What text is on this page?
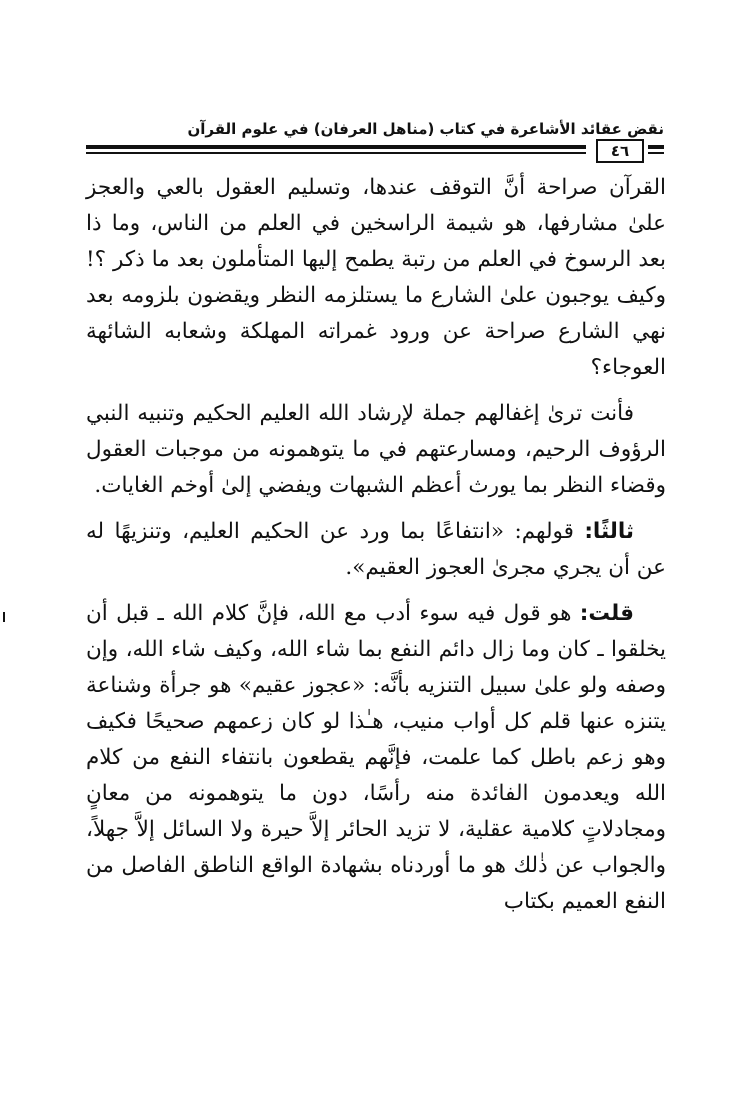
نقض عقائد الأشاعرة في كتاب (مناهل العرفان) في علوم القرآن
٤٦

القرآن صراحة أنَّ التوقف عندها، وتسليم العقول بالعي والعجز علىٰ مشارفها، هو شيمة الراسخين في العلم من الناس، وما ذا بعد الرسوخ في العلم من رتبة يطمح إليها المتأملون بعد ما ذكر ؟! وكيف يوجبون علىٰ الشارع ما يستلزمه النظر ويقضون بلزومه بعد نهي الشارع صراحة عن ورود غمراته المهلكة وشعابه الشائهة العوجاء؟

فأنت ترىٰ إغفالهم جملة لإرشاد الله العليم الحكيم وتنبيه النبي الرؤوف الرحيم، ومسارعتهم في ما يتوهمونه من موجبات العقول وقضاء النظر بما يورث أعظم الشبهات ويفضي إلىٰ أوخم الغايات.

ثالثًا: قولهم: «انتفاعًا بما ورد عن الحكيم العليم، وتنزيهًا له عن أن يجري مجرىٰ العجوز العقيم».

قلت: هو قول فيه سوء أدب مع الله، فإنَّ كلام الله ـ قبل أن يخلقوا ـ كان وما زال دائم النفع بما شاء الله، وكيف شاء الله، وإن وصفه ولو علىٰ سبيل التنزيه بأنَّه: «عجوز عقيم» هو جرأة وشناعة يتنزه عنها قلم كل أواب منيب، هـٰذا لو كان زعمهم صحيحًا فكيف وهو زعم باطل كما علمت، فإنَّهم يقطعون بانتفاء النفع من كلام الله ويعدمون الفائدة منه رأسًا، دون ما يتوهمونه من معانٍ ومجادلاتٍ كلامية عقلية، لا تزيد الحائر إلاَّ حيرة ولا السائل إلاَّ جهلاً، والجواب عن ذٰلك هو ما أوردناه بشهادة الواقع الناطق الفاصل من النفع العميم بكتاب
